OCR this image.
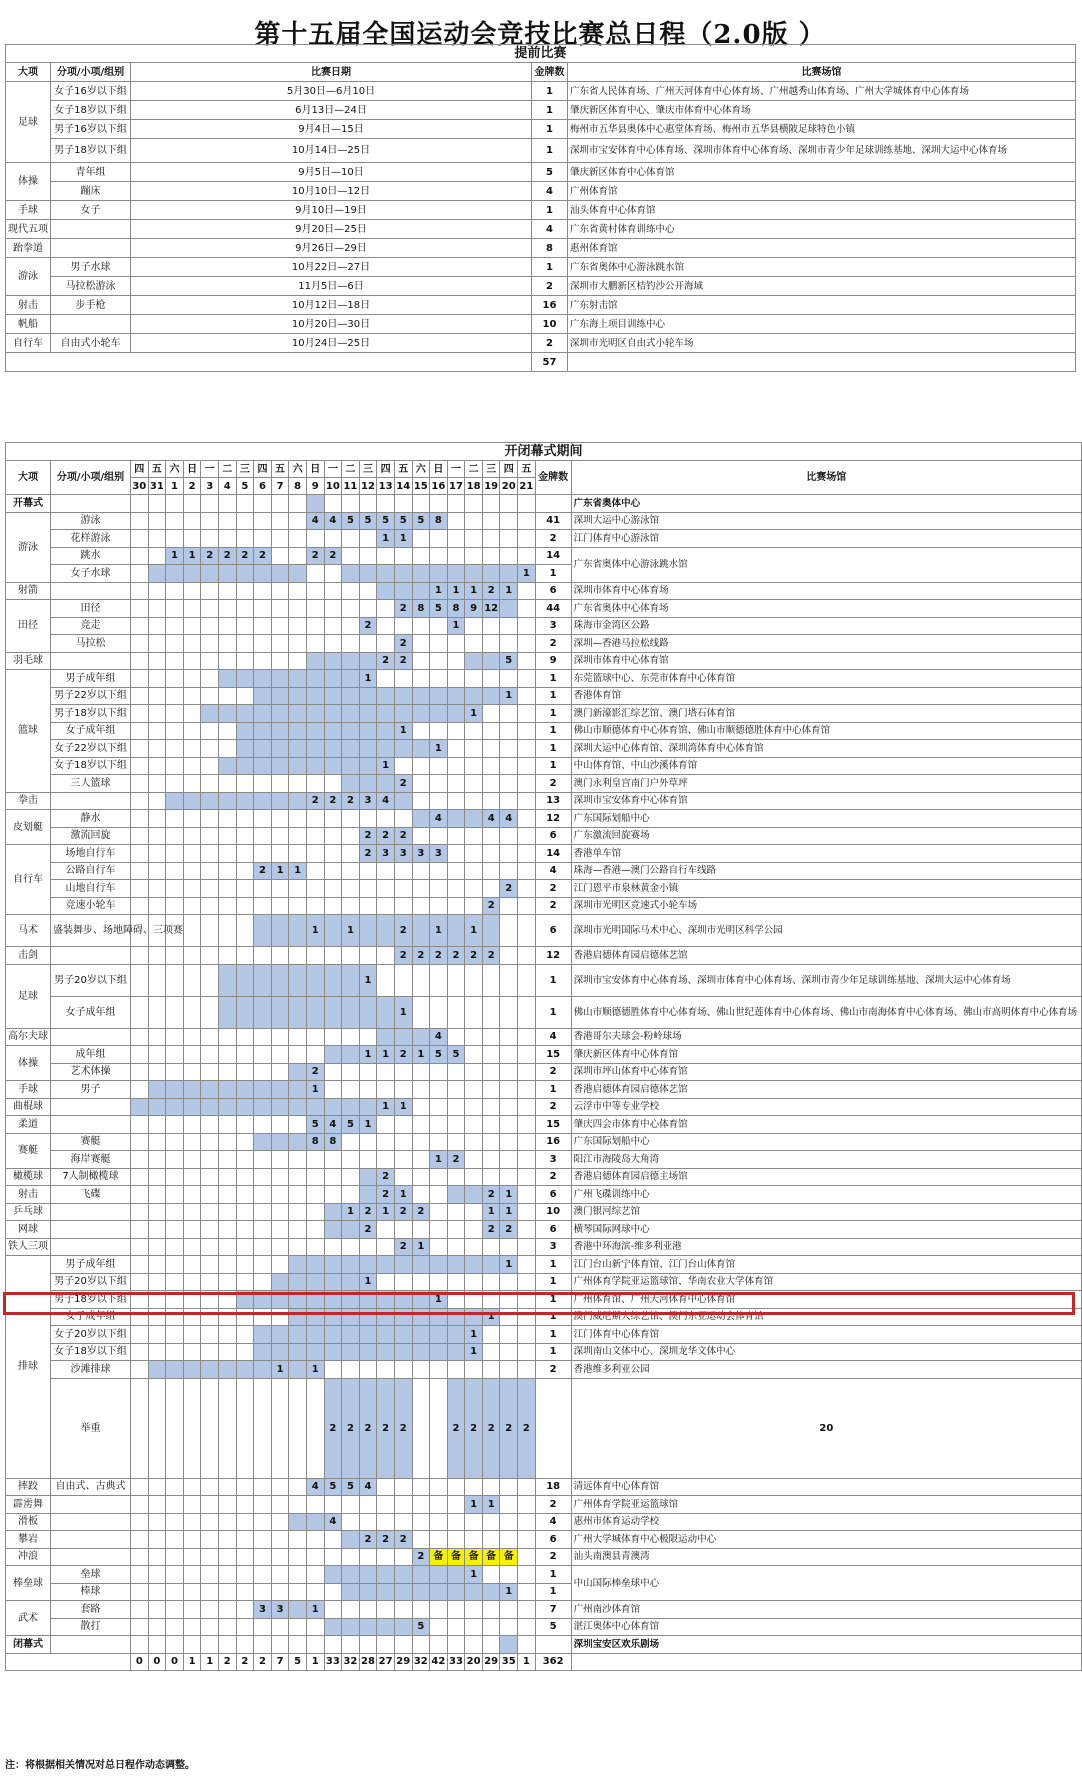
第十五届全国运动会竞技比赛总日程（2.0版 ）
提前比赛				
大项	分项/小项/组别	比赛日期	金牌数	比赛场馆
足球	女子16岁以下组	5月30日—6月10日	1	广东省人民体育场、广州天河体育中心体育场、广州越秀山体育场、广州大学城体育中心体育场
	女子18岁以下组	6月13日—24日	1	肇庆新区体育中心、肇庆市体育中心体育场
	男子16岁以下组	9月4日—15日	1	梅州市五华县奥体中心惠堂体育场、梅州市五华县横陂足球特色小镇
	男子18岁以下组	10月14日—25日	1	深圳市宝安体育中心体育场、深圳市体育中心体育场、深圳市青少年足球训练基地、深圳大运中心体育场
体操	青年组	9月5日—10日	5	肇庆新区体育中心体育馆
	蹦床	10月10日—12日	4	广州体育馆
手球	女子	9月10日—19日	1	汕头体育中心体育馆
现代五项		9月20日—25日	4	广东省黄村体育训练中心
跆拳道		9月26日—29日	8	惠州体育馆
游泳	男子水球	10月22日—27日	1	广东省奥体中心游泳跳水馆
	马拉松游泳	11月5日—6日	2	深圳市大鹏新区桔钓沙公开海域
射击	步手枪	10月12日—18日	16	广东射击馆
帆船		10月20日—30日	10	广东海上项目训练中心
自行车	自由式小轮车	10月24日—25日	2	深圳市光明区自由式小轮车场
			57	
开闭幕式期间																											
大项	分项/小项/组别	四	五	六	日	一	二	三	四	五	六	日	一	二	三	四	五	六	日	一	二	三	四	五	金牌数	比赛场馆	
		30	31	1	2	3	4	5	6	7	8	9	10	11	12	13	14	15	16	17	18	19	20	21			
开幕式																										广东省奥体中心	
游泳	游泳											4	4	5	5	5	5	5	8						41	深圳大运中心游泳馆	
	花样游泳															1	1								2	江门体育中心游泳馆	
	跳水			1	1	2	2	2	2			2	2												14	广东省奥体中心游泳跳水馆	
	女子水球																							1	1		
射箭																			1	1	1	2	1		6	深圳市体育中心体育场	
田径	田径																2	8	5	8	9	12			44	广东省奥体中心体育场	
	竞走														2					1					3	珠海市金湾区公路	
	马拉松																2								2	深圳—香港马拉松线路	
羽毛球																2	2						5		9	深圳市体育中心体育馆	
篮球	男子成年组														1										1	东莞篮球中心、东莞市体育中心体育馆	
	男子22岁以下组																						1		1	香港体育馆	
	男子18岁以下组																				1				1	澳门新濠影汇综艺馆、澳门塔石体育馆	
	女子成年组																1								1	佛山市顺德体育中心体育馆、佛山市顺德德胜体育中心体育馆	
	女子22岁以下组																		1						1	深圳大运中心体育馆、深圳湾体育中心体育馆	
	女子18岁以下组															1									1	中山体育馆、中山沙溪体育馆	
	三人篮球																2								2	澳门永利皇宫南门户外草坪	
拳击												2	2	2	3	4									13	深圳市宝安体育中心体育馆	
皮划艇	静水																		4			4	4		12	广东国际划船中心	
	激流回旋														2	2	2								6	广东激流回旋赛场	
自行车	场地自行车														2	3	3	3	3						14	香港单车馆	
	公路自行车								2	1	1														4	珠海—香港—澳门公路自行车线路	
	山地自行车																						2		2	江门恩平市泉林黄金小镇	
	竞速小轮车																					2			2	深圳市光明区竞速式小轮车场	
马术	盛装舞步、场地障碍、三项赛											1		1			2		1		1				6	深圳市光明国际马术中心、深圳市光明区科学公园	
击剑																	2	2	2	2	2	2			12	香港启德体育园启德体艺馆	
足球	男子20岁以下组														1										1	深圳市宝安体育中心体育场、深圳市体育中心体育场、深圳市青少年足球训练基地、深圳大运中心体育场	
	女子成年组																1								1	佛山市顺德德胜体育中心体育场、佛山世纪莲体育中心体育场、佛山市南海体育中心体育场、佛山市高明体育中心体育场	
高尔夫球																			4						4	香港哥尔夫球会-粉岭球场	
体操	成年组														1	1	2	1	5	5					15	肇庆新区体育中心体育馆	
	艺术体操											2													2	深圳市坪山体育中心体育馆	
手球	男子											1													1	香港启德体育园启德体艺馆	
曲棍球																1	1								2	云浮市中等专业学校	
柔道												5	4	5	1										15	肇庆四会市体育中心体育馆	
赛艇	赛艇											8	8												16	广东国际划船中心	
	海岸赛艇																		1	2					3	阳江市海陵岛大角湾	
橄榄球	7人制橄榄球															2									2	香港启德体育园启德主场馆	
射击	飞碟															2	1					2	1		6	广州飞碟训练中心	
乒乓球														1	2	1	2	2				1	1		10	澳门银河综艺馆	
网球															2							2	2		6	横琴国际网球中心	
铁人三项																	2	1							3	香港中环海滨-维多利亚港	
排球	男子成年组																						1		1	江门台山新宁体育馆、江门台山体育馆	
	男子20岁以下组														1										1	广州体育学院亚运篮球馆、华南农业大学体育馆	
	男子18岁以下组																		1						1	广州体育馆、广州天河体育中心体育馆	
	女子成年组																					1			1	澳门威尼斯人综艺馆、澳门东亚运动会体育馆	
	女子20岁以下组																				1				1	江门体育中心体育馆	
	女子18岁以下组																				1				1	深圳南山文体中心、深圳龙华文体中心	
	沙滩排球									1		1													2	香港维多利亚公园	
	举重												2	2	2	2	2			2	2	2	2	2		20	
摔跤	自由式、古典式											4	5	5	4										18	清远体育中心体育馆	
霹雳舞																					1	1			2	广州体育学院亚运篮球馆	
滑板													4												4	惠州市体育运动学校	
攀岩															2	2	2								6	广州大学城体育中心极限运动中心	
冲浪																		2	备	备	备	备	备		2	汕头南澳县青澳湾	
棒垒球	垒球																				1				1	中山国际棒垒球中心	
	棒球																						1		1		
武术	套路								3	3		1													7	广州南沙体育馆	
	散打																	5							5	湛江奥体中心体育馆	
闭幕式																										深圳宝安区欢乐剧场	
		0	0	0	1	1	2	2	2	7	5	1	33	32	28	27	29	32	42	33	20	29	35	1	362		
注：将根据相关情况对总日程作动态调整。
